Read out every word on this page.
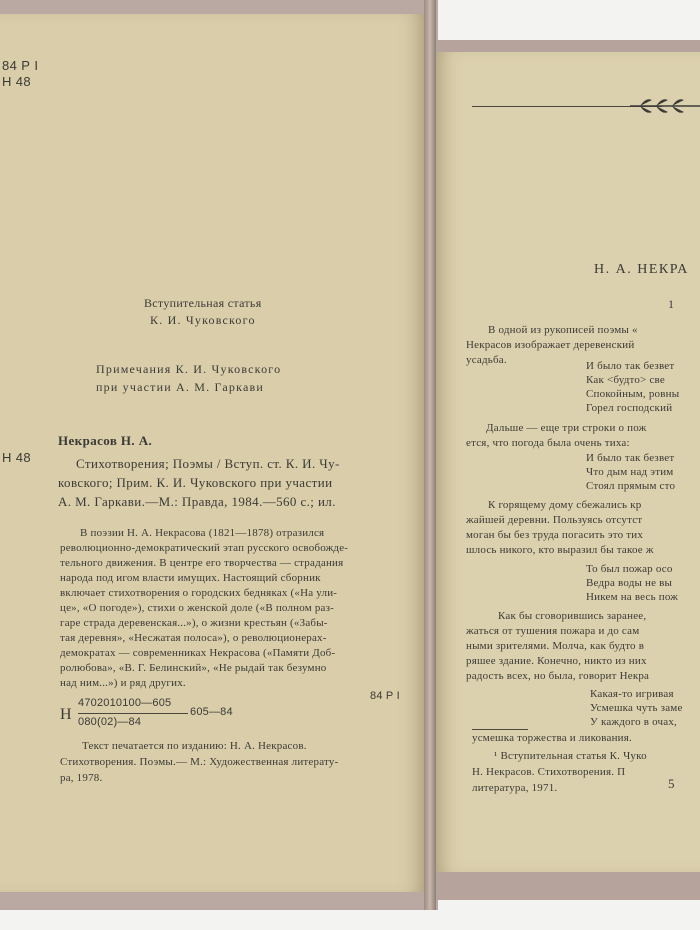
84 Р I
Н 48
Вступительная статья
К. И. Чуковского
Примечания К. И. Чуковского
при участии А. М. Гаркави
Н 48
Некрасов Н. А.
Стихотворения; Поэмы / Вступ. ст. К. И. Чу-
ковского; Прим. К. И. Чуковского при участии
А. М. Гаркави.—М.: Правда, 1984.—560 с.; ил.
В поэзии Н. А. Некрасова (1821—1878) отразился
революционно-демократический этап русского освобожде-
тельного движения. В центре его творчества — страдания
народа под игом власти имущих. Настоящий сборник
включает стихотворения о городских бедняках («На ули-
це», «О погоде»), стихи о женской доле («В полном раз-
гаре страда деревенская...»), о жизни крестьян («Забы-
тая деревня», «Несжатая полоса»), о революционерах-
демократах — современниках Некрасова («Памяти Доб-
ролюбова», «В. Г. Белинский», «Не рыдай так безумно
над ним...») и ряд других.
Н
4702010100—605
080(02)—84
605—84
84 Р I
Текст печатается по изданию: Н. А. Некрасов.
Стихотворения. Поэмы.— М.: Художественная литерату-
ра, 1978.
Н. А. НЕКРА
1
В одной из рукописей поэмы «
Некрасов изображает деревенский
усадьба.	И было так безвет
Как <будто> све
Спокойным, ровны
Горел господский
Дальше — еще три строки о пож
ется, что погода была очень тиха:
И было так безвет
Что дым над этим
Стоял прямым сто
К горящему дому сбежались кр
жайшей деревни. Пользуясь отсутст
моган бы без труда погасить это тих
шлось никого, кто выразил бы такое ж
То был пожар осо
Ведра воды не вы
Никем на весь пож
Как бы сговорившись заранее,
жаться от тушения пожара и до сам
ными зрителями. Молча, как будто в
ряшее здание. Конечно, никто из них
радость всех, но была, говорит Некра
Какая-то игривая
Усмешка чуть заме
У каждого в очах,
усмешка торжества и ликования.
¹ Вступительная статья К. Чуко
Н. Некрасов. Стихотворения. П
литература, 1971.	5
